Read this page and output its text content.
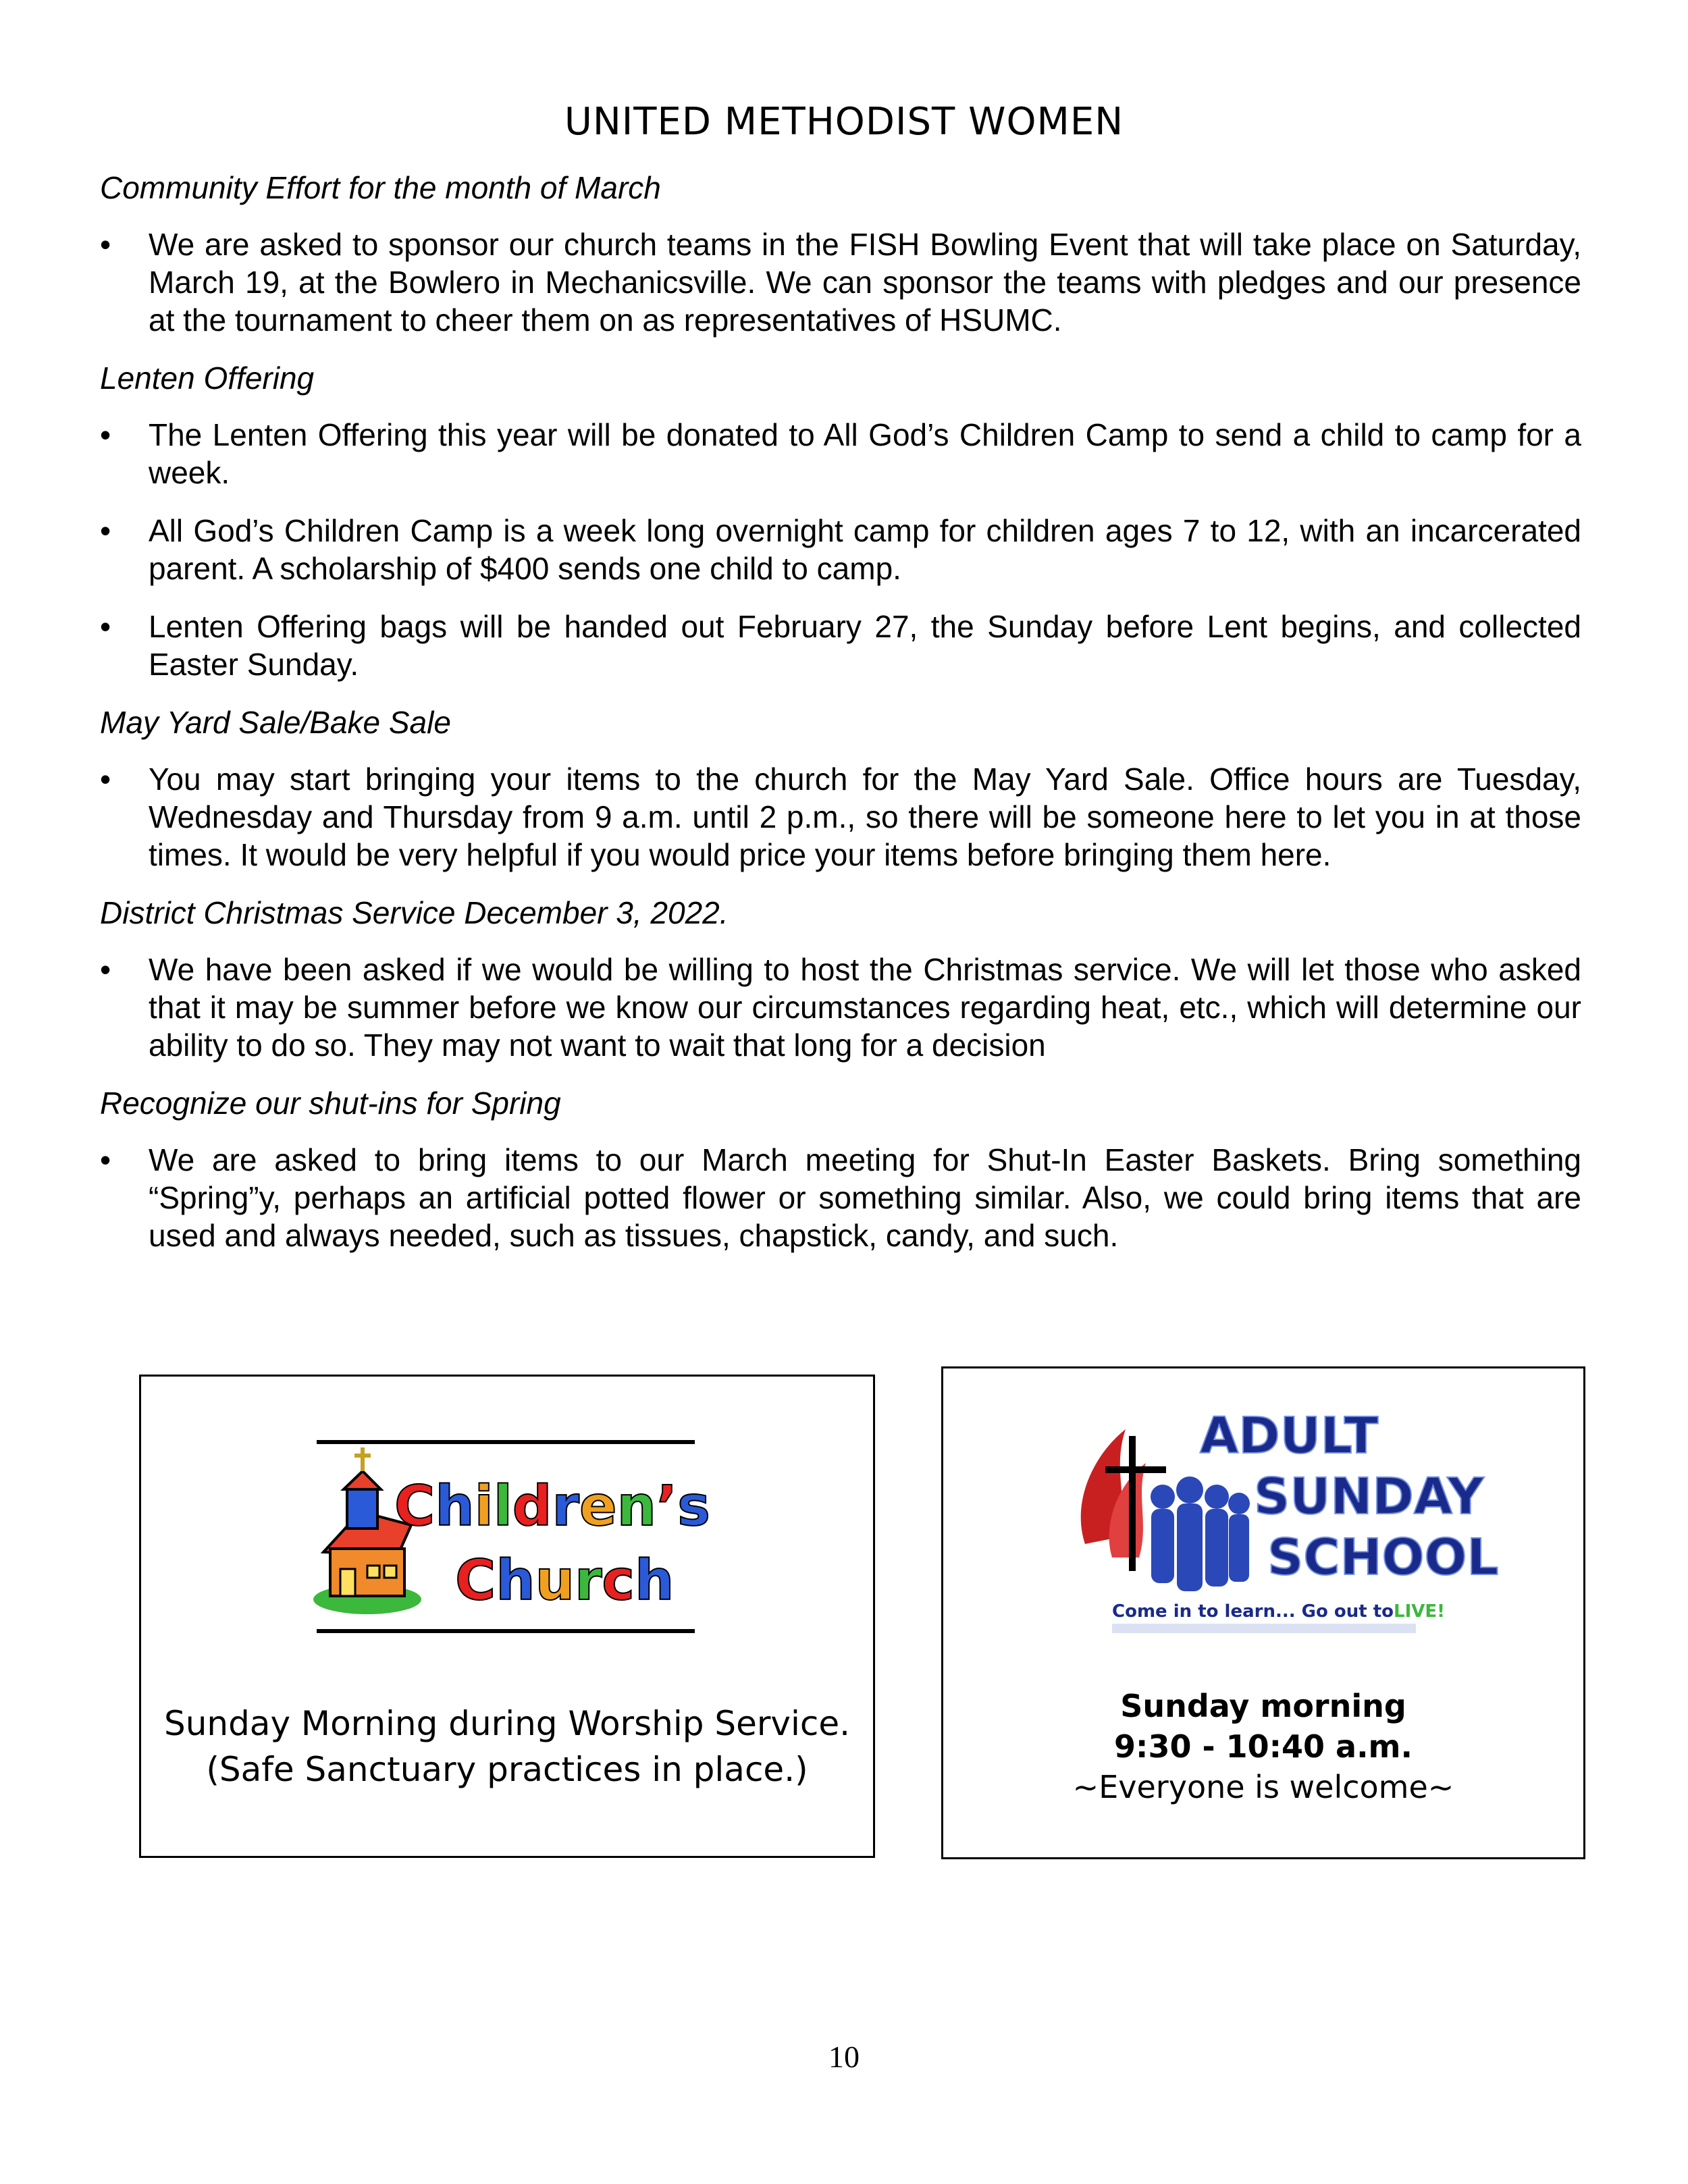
UNITED METHODIST WOMEN
Community Effort for the month of March
•	We are asked to sponsor our church teams in the FISH Bowling Event that will take place on Saturday, March 19, at the Bowlero in Mechanicsville. We can sponsor the teams with pledges and our presence at the tournament to cheer them on as representatives of HSUMC.
Lenten Offering
•	The Lenten Offering this year will be donated to All God’s Children Camp to send a child to camp for a week.
•	All God’s Children Camp is a week long overnight camp for children ages 7 to 12, with an incarcerated parent. A scholarship of $400 sends one child to camp.
•	Lenten Offering bags will be handed out February 27, the Sunday before Lent begins, and collected Easter Sunday.
May Yard Sale/Bake Sale
•	You may start bringing your items to the church for the May Yard Sale. Office hours are Tuesday, Wednesday and Thursday from 9 a.m. until 2 p.m., so there will be someone here to let you in at those times. It would be very helpful if you would price your items before bringing them here.
District Christmas Service December 3, 2022.
•	We have been asked if we would be willing to host the Christmas service. We will let those who asked that it may be summer before we know our circumstances regarding heat, etc., which will determine our ability to do so. They may not want to wait that long for a decision
Recognize our shut-ins for Spring
•	We are asked to bring items to our March meeting for Shut-In Easter Baskets. Bring something “Spring”y, perhaps an artificial potted flower or something similar. Also, we could bring items that are used and always needed, such as tissues, chapstick, candy, and such.
Children’s
Church
Sunday Morning during Worship Service.
(Safe Sanctuary practices in place.)
ADULT
SUNDAY
SCHOOL
Come in to learn... Go out toLIVE!
Sunday morning
9:30 - 10:40 a.m.
~Everyone is welcome~
10
